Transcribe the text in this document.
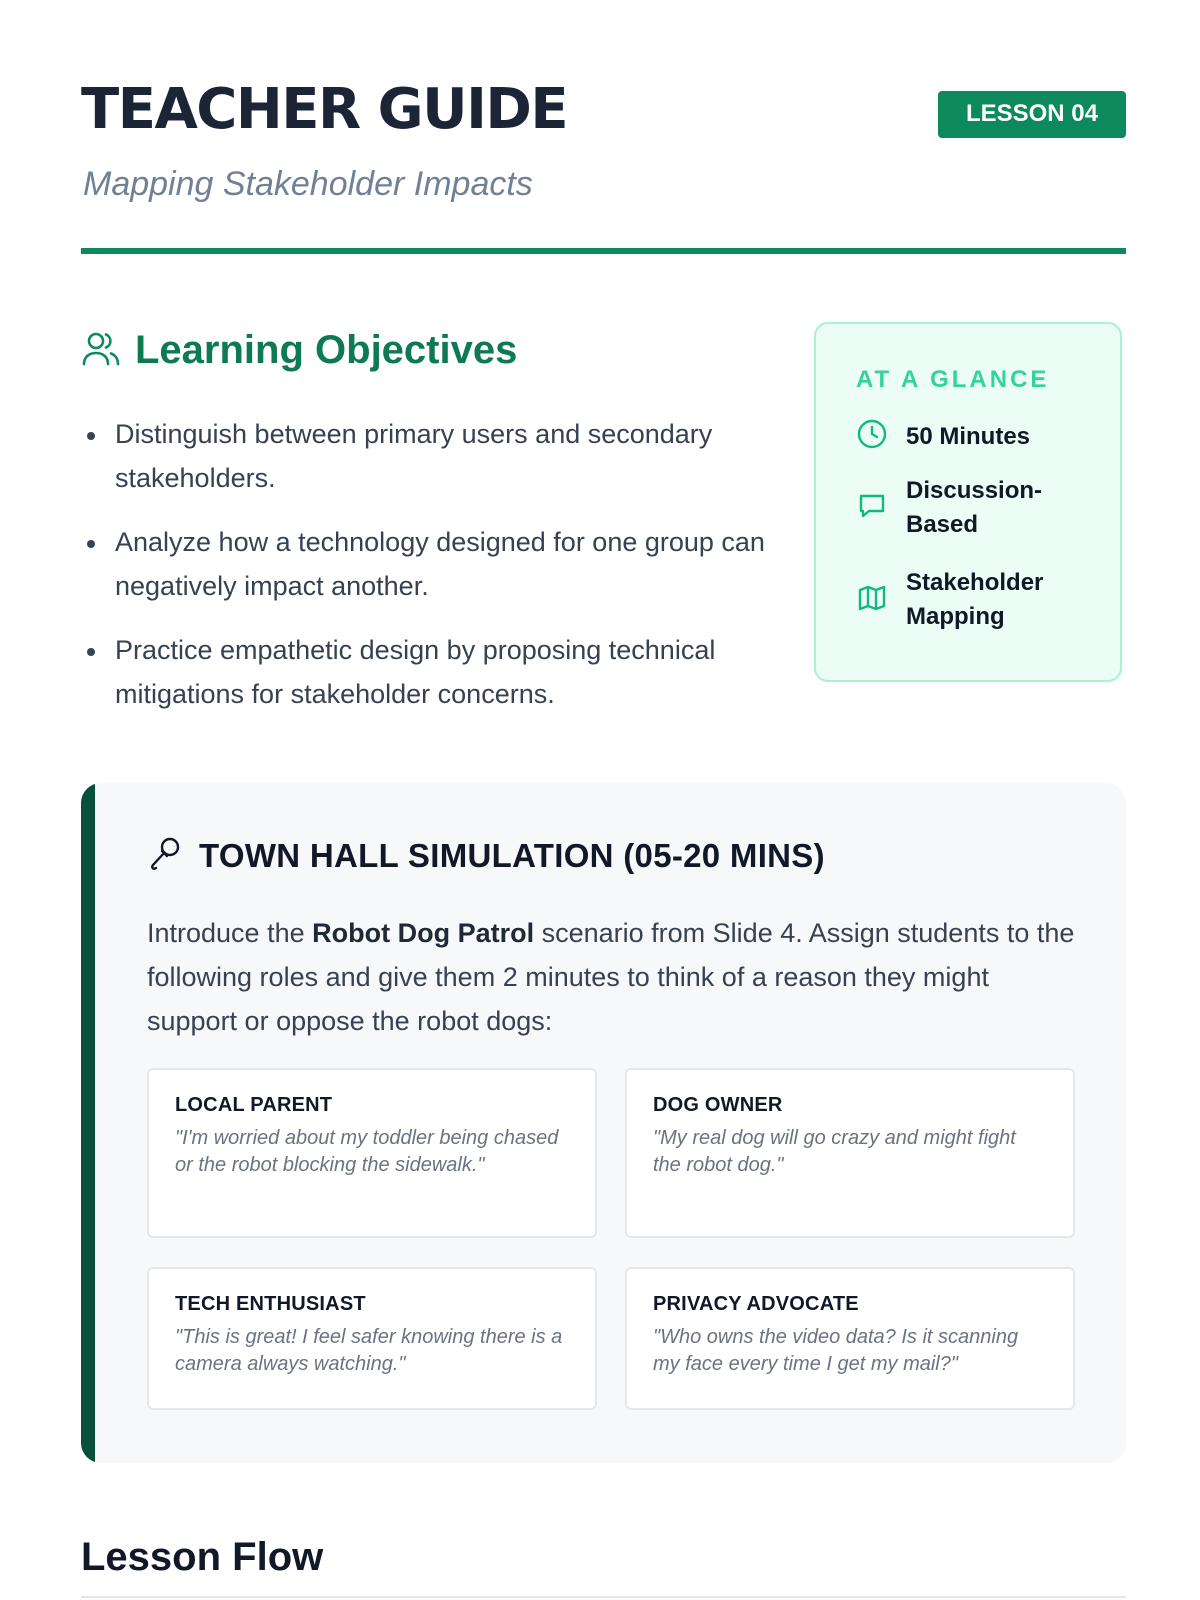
TEACHER GUIDE

Mapping Stakeholder Impacts

LESSON 04
Learning Objectives
Distinguish between primary users and secondary stakeholders.
Analyze how a technology designed for one group can negatively impact another.
Practice empathetic design by proposing technical mitigations for stakeholder concerns.
AT A GLANCE
50 Minutes
Discussion-Based
Stakeholder Mapping
TOWN HALL SIMULATION (05-20 MINS)

Introduce the Robot Dog Patrol scenario from Slide 4. Assign students to the following roles and give them 2 minutes to think of a reason they might support or oppose the robot dogs:

LOCAL PARENT
"I'm worried about my toddler being chased or the robot blocking the sidewalk."
DOG OWNER
"My real dog will go crazy and might fight the robot dog."
TECH ENTHUSIAST
"This is great! I feel safer knowing there is a camera always watching."
PRIVACY ADVOCATE
"Who owns the video data? Is it scanning my face every time I get my mail?"
Lesson Flow
